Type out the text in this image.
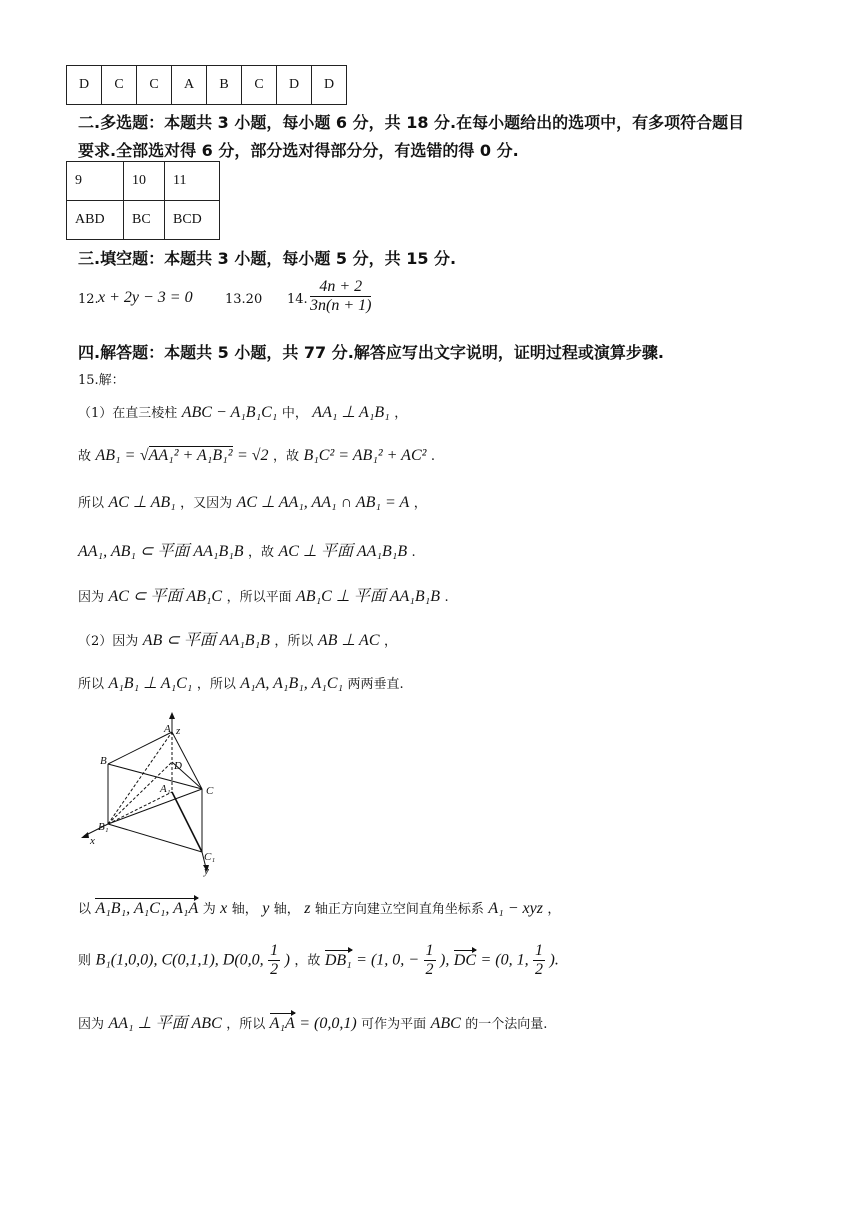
D	C	C	A	B	C	D	D
二.多选题：本题共 3 小题，每小题 6 分，共 18 分.在每小题给出的选项中，有多项符合题目
要求.全部选对得 6 分，部分选对得部分分，有选错的得 0 分.
9	10	11
ABD	BC	BCD
三.填空题：本题共 3 小题，每小题 5 分，共 15 分.
12. x + 2y − 3 = 0 13.20 14. $\frac{4n + 2}{3n(n + 1)}$
四.解答题：本题共 5 小题，共 77 分.解答应写出文字说明，证明过程或演算步骤.
15.解：
（1）在直三棱柱 ABC − A₁B₁C₁ 中， AA₁ ⊥ A₁B₁ ，
故 AB₁ = √AA₁² + A₁B₁² = √2 ，故 B₁C² = AB₁² + AC² .
所以 AC ⊥ AB₁ ，又因为 AC ⊥ AA₁, AA₁ ∩ AB₁ = A ，
AA₁, AB₁ ⊂ 平面 AA₁B₁B ，故 AC ⊥ 平面 AA₁B₁B .
因为 AC ⊂ 平面 AB₁C ，所以平面 AB₁C ⊥ 平面 AA₁B₁B .
（2）因为 AB ⊂ 平面 AA₁B₁B ，所以 AB ⊥ AC ，
所以 A₁B₁ ⊥ A₁C₁ ，所以 A₁A, A₁B₁, A₁C₁ 两两垂直.
A z
B	D
A₁	C
B₁
x
C₁
y
以 A₁B₁, A₁C₁, A₁A 为 x 轴， y 轴， z 轴正方向建立空间直角坐标系 A₁ − xyz ，
则 B₁(1,0,0), C(0,1,1), D(0,0, $\frac{1}{2}$ ) ，故 DB₁ = (1, 0, − $\frac{1}{2}$ ), DC = (0, 1, $\frac{1}{2}$ ).
因为 AA₁ ⊥ 平面 ABC ，所以 A₁A = (0,0,1) 可作为平面 ABC 的一个法向量.
